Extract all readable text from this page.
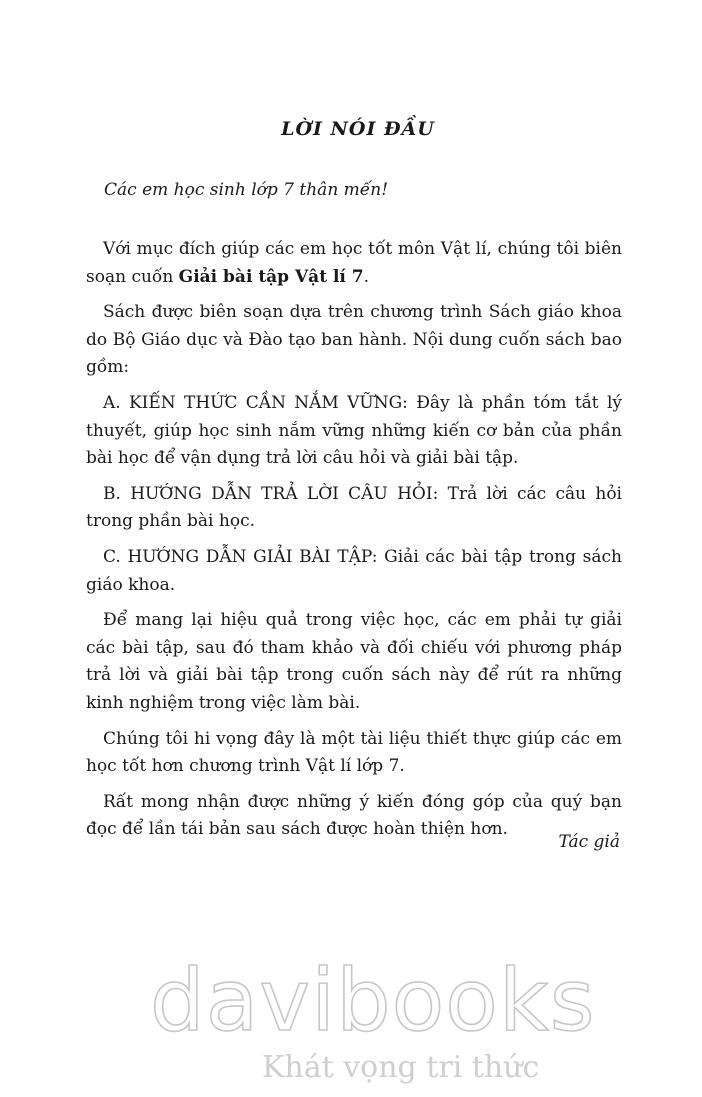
LỜI NÓI ĐẦU
Các em học sinh lớp 7 thân mến!

Với mục đích giúp các em học tốt môn Vật lí, chúng tôi biên soạn cuốn Giải bài tập Vật lí 7.

Sách được biên soạn dựa trên chương trình Sách giáo khoa do Bộ Giáo dục và Đào tạo ban hành. Nội dung cuốn sách bao gồm:

A. KIẾN THỨC CẦN NẮM VỮNG: Đây là phần tóm tắt lý thuyết, giúp học sinh nắm vững những kiến cơ bản của phần bài học để vận dụng trả lời câu hỏi và giải bài tập.

B. HƯỚNG DẪN TRẢ LỜI CÂU HỎI: Trả lời các câu hỏi trong phần bài học.

C. HƯỚNG DẪN GIẢI BÀI TẬP: Giải các bài tập trong sách giáo khoa.

Để mang lại hiệu quả trong việc học, các em phải tự giải các bài tập, sau đó tham khảo và đối chiếu với phương pháp trả lời và giải bài tập trong cuốn sách này để rút ra những kinh nghiệm trong việc làm bài.

Chúng tôi hi vọng đây là một tài liệu thiết thực giúp các em học tốt hơn chương trình Vật lí lớp 7.

Rất mong nhận được những ý kiến đóng góp của quý bạn đọc để lần tái bản sau sách được hoàn thiện hơn.

Tác giả
davibooks
Khát vọng tri thức
